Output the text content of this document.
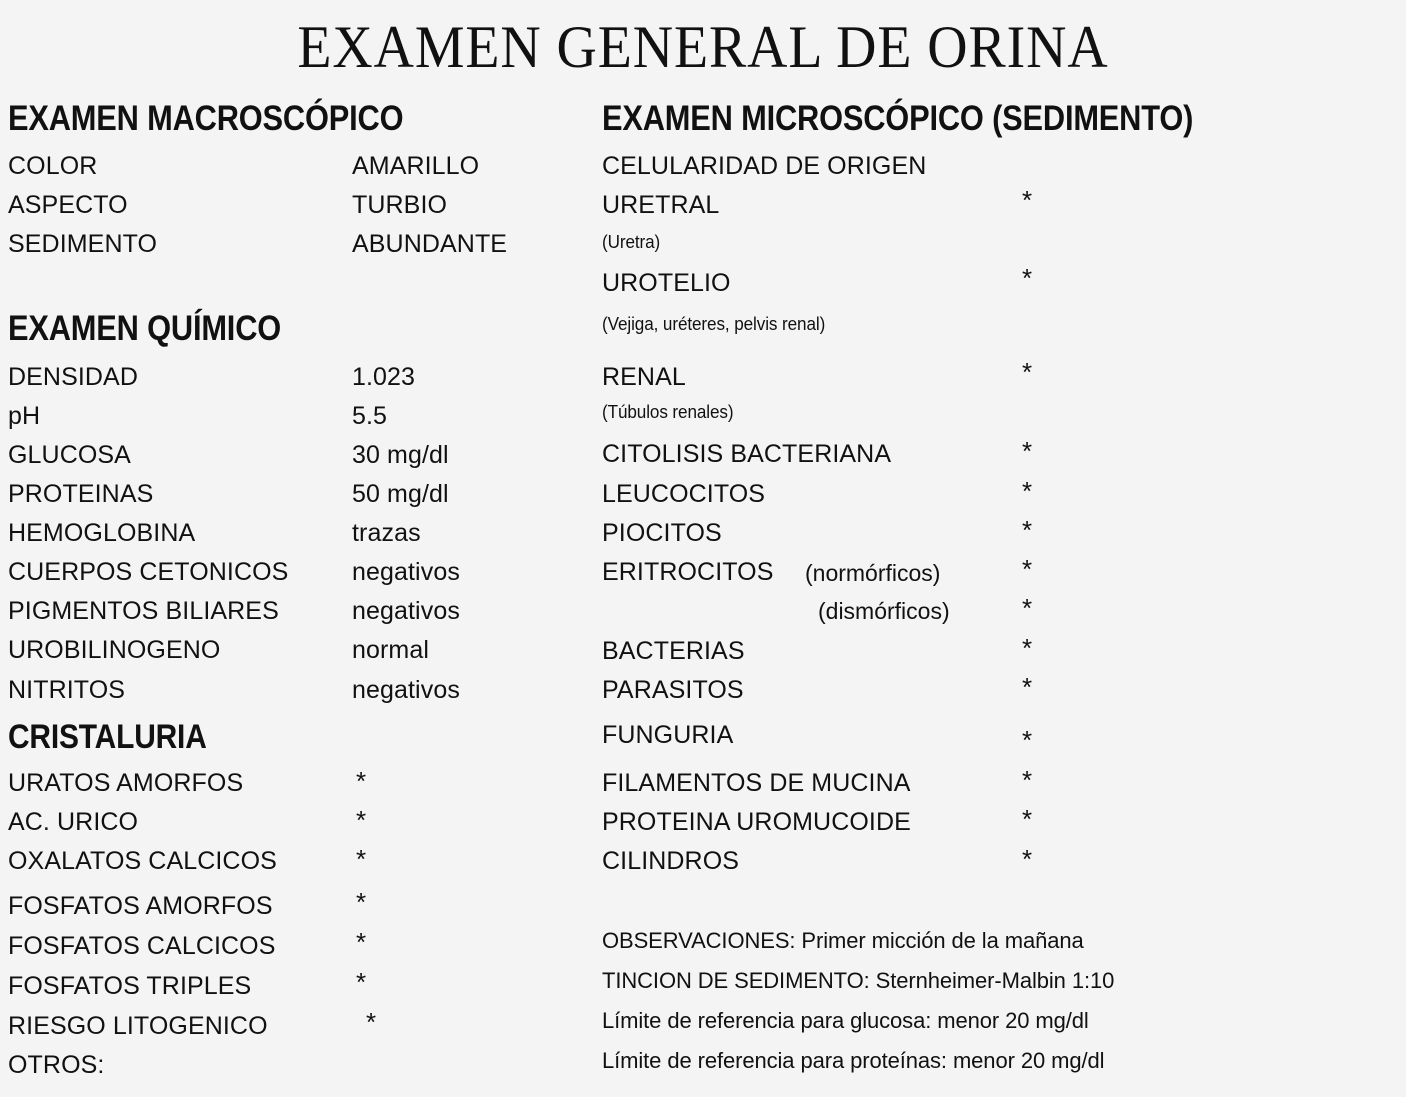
EXAMEN GENERAL DE ORINA
EXAMEN MACROSCÓPICO	EXAMEN MICROSCÓPICO (SEDIMENTO)
EXAMEN QUÍMICO
CRISTALURIA
COLOR	AMARILLO
ASPECTO	TURBIO
SEDIMENTO	ABUNDANTE
DENSIDAD	1.023
pH	5.5
GLUCOSA	30 mg/dl
PROTEINAS	50 mg/dl
HEMOGLOBINA	trazas
CUERPOS CETONICOS	negativos
PIGMENTOS BILIARES	negativos
UROBILINOGENO	normal
NITRITOS	negativos
URATOS AMORFOS	*
AC. URICO	*
OXALATOS CALCICOS	*
FOSFATOS AMORFOS	*
FOSFATOS CALCICOS	*
FOSFATOS TRIPLES	*
RIESGO LITOGENICO	*
OTROS:
CELULARIDAD DE ORIGEN
URETRAL	*
(Uretra)
UROTELIO	*
(Vejiga, uréteres, pelvis renal)
RENAL	*
(Túbulos renales)
CITOLISIS BACTERIANA	*
LEUCOCITOS	*
PIOCITOS	*
ERITROCITOS (normórficos)	*
(dismórficos)	*
BACTERIAS	*
PARASITOS	*
FUNGURIA	*
FILAMENTOS DE MUCINA	*
PROTEINA UROMUCOIDE	*
CILINDROS	*
OBSERVACIONES: Primer micción de la mañana
TINCION DE SEDIMENTO: Sternheimer-Malbin 1:10
Límite de referencia para glucosa: menor 20 mg/dl
Límite de referencia para proteínas: menor 20 mg/dl
